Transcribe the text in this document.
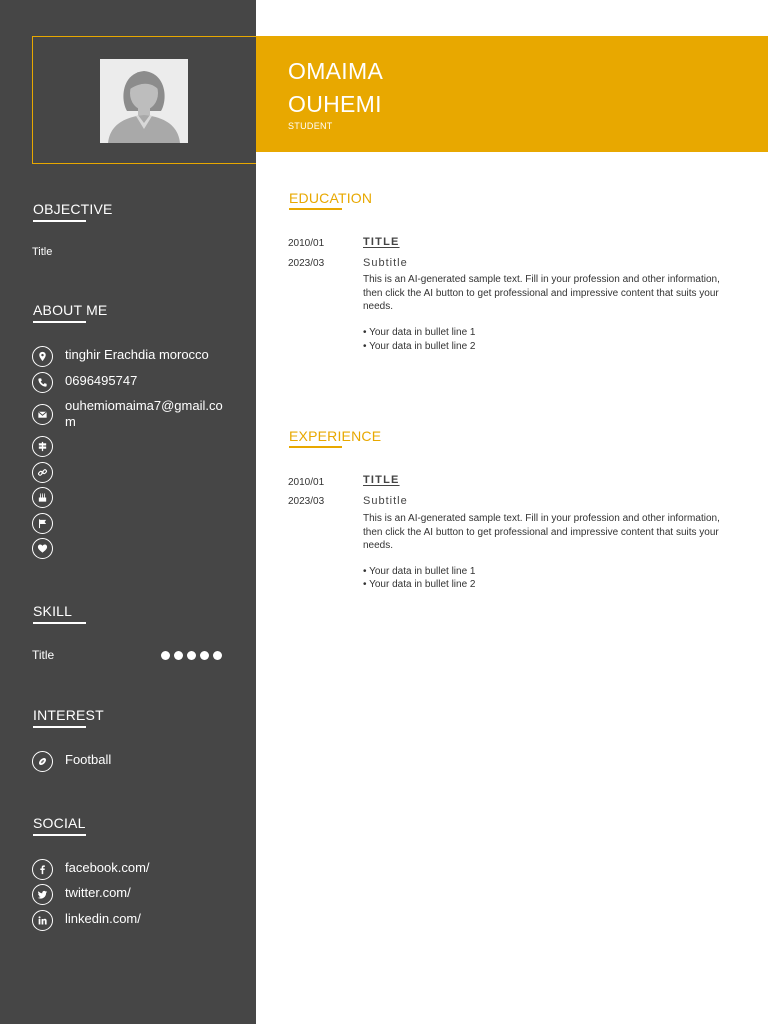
OBJECTIVE
Title
ABOUT ME
tinghir Erachdia morocco
0696495747
ouhemiomaima7@gmail.com
SKILL
Title
INTEREST
Football
SOCIAL
facebook.com/
twitter.com/
linkedin.com/
OMAIMA
OUHEMI
STUDENT
EDUCATION
2010/01
2023/03
TITLE
Subtitle
This is an AI-generated sample text. Fill in your profession and other information, then click the AI button to get professional and impressive content that suits your needs.
• Your data in bullet line 1
• Your data in bullet line 2
EXPERIENCE
2010/01
2023/03
TITLE
Subtitle
This is an AI-generated sample text. Fill in your profession and other information, then click the AI button to get professional and impressive content that suits your needs.
• Your data in bullet line 1
• Your data in bullet line 2
